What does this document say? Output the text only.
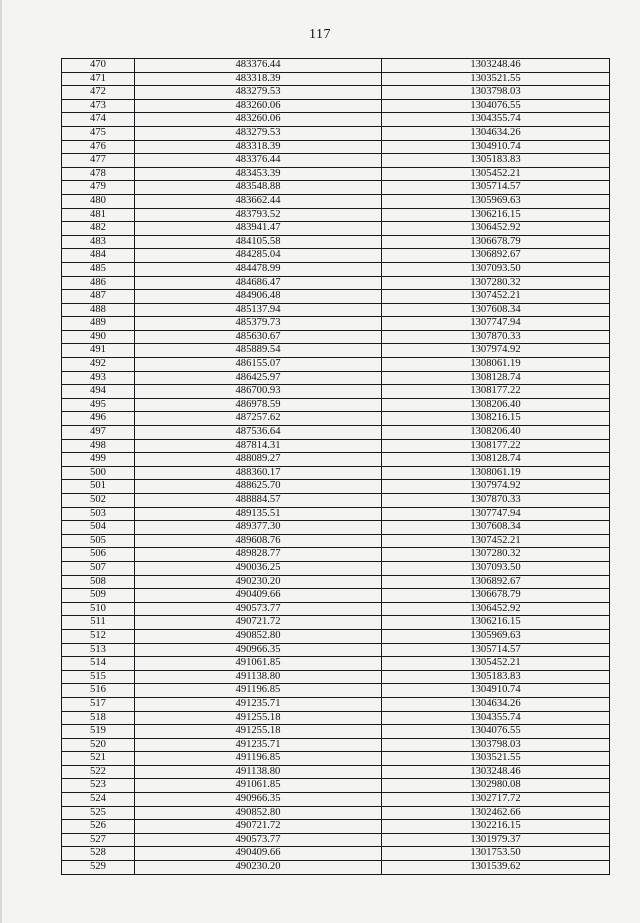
117
470	483376.44	1303248.46
471	483318.39	1303521.55
472	483279.53	1303798.03
473	483260.06	1304076.55
474	483260.06	1304355.74
475	483279.53	1304634.26
476	483318.39	1304910.74
477	483376.44	1305183.83
478	483453.39	1305452.21
479	483548.88	1305714.57
480	483662.44	1305969.63
481	483793.52	1306216.15
482	483941.47	1306452.92
483	484105.58	1306678.79
484	484285.04	1306892.67
485	484478.99	1307093.50
486	484686.47	1307280.32
487	484906.48	1307452.21
488	485137.94	1307608.34
489	485379.73	1307747.94
490	485630.67	1307870.33
491	485889.54	1307974.92
492	486155.07	1308061.19
493	486425.97	1308128.74
494	486700.93	1308177.22
495	486978.59	1308206.40
496	487257.62	1308216.15
497	487536.64	1308206.40
498	487814.31	1308177.22
499	488089.27	1308128.74
500	488360.17	1308061.19
501	488625.70	1307974.92
502	488884.57	1307870.33
503	489135.51	1307747.94
504	489377.30	1307608.34
505	489608.76	1307452.21
506	489828.77	1307280.32
507	490036.25	1307093.50
508	490230.20	1306892.67
509	490409.66	1306678.79
510	490573.77	1306452.92
511	490721.72	1306216.15
512	490852.80	1305969.63
513	490966.35	1305714.57
514	491061.85	1305452.21
515	491138.80	1305183.83
516	491196.85	1304910.74
517	491235.71	1304634.26
518	491255.18	1304355.74
519	491255.18	1304076.55
520	491235.71	1303798.03
521	491196.85	1303521.55
522	491138.80	1303248.46
523	491061.85	1302980.08
524	490966.35	1302717.72
525	490852.80	1302462.66
526	490721.72	1302216.15
527	490573.77	1301979.37
528	490409.66	1301753.50
529	490230.20	1301539.62
